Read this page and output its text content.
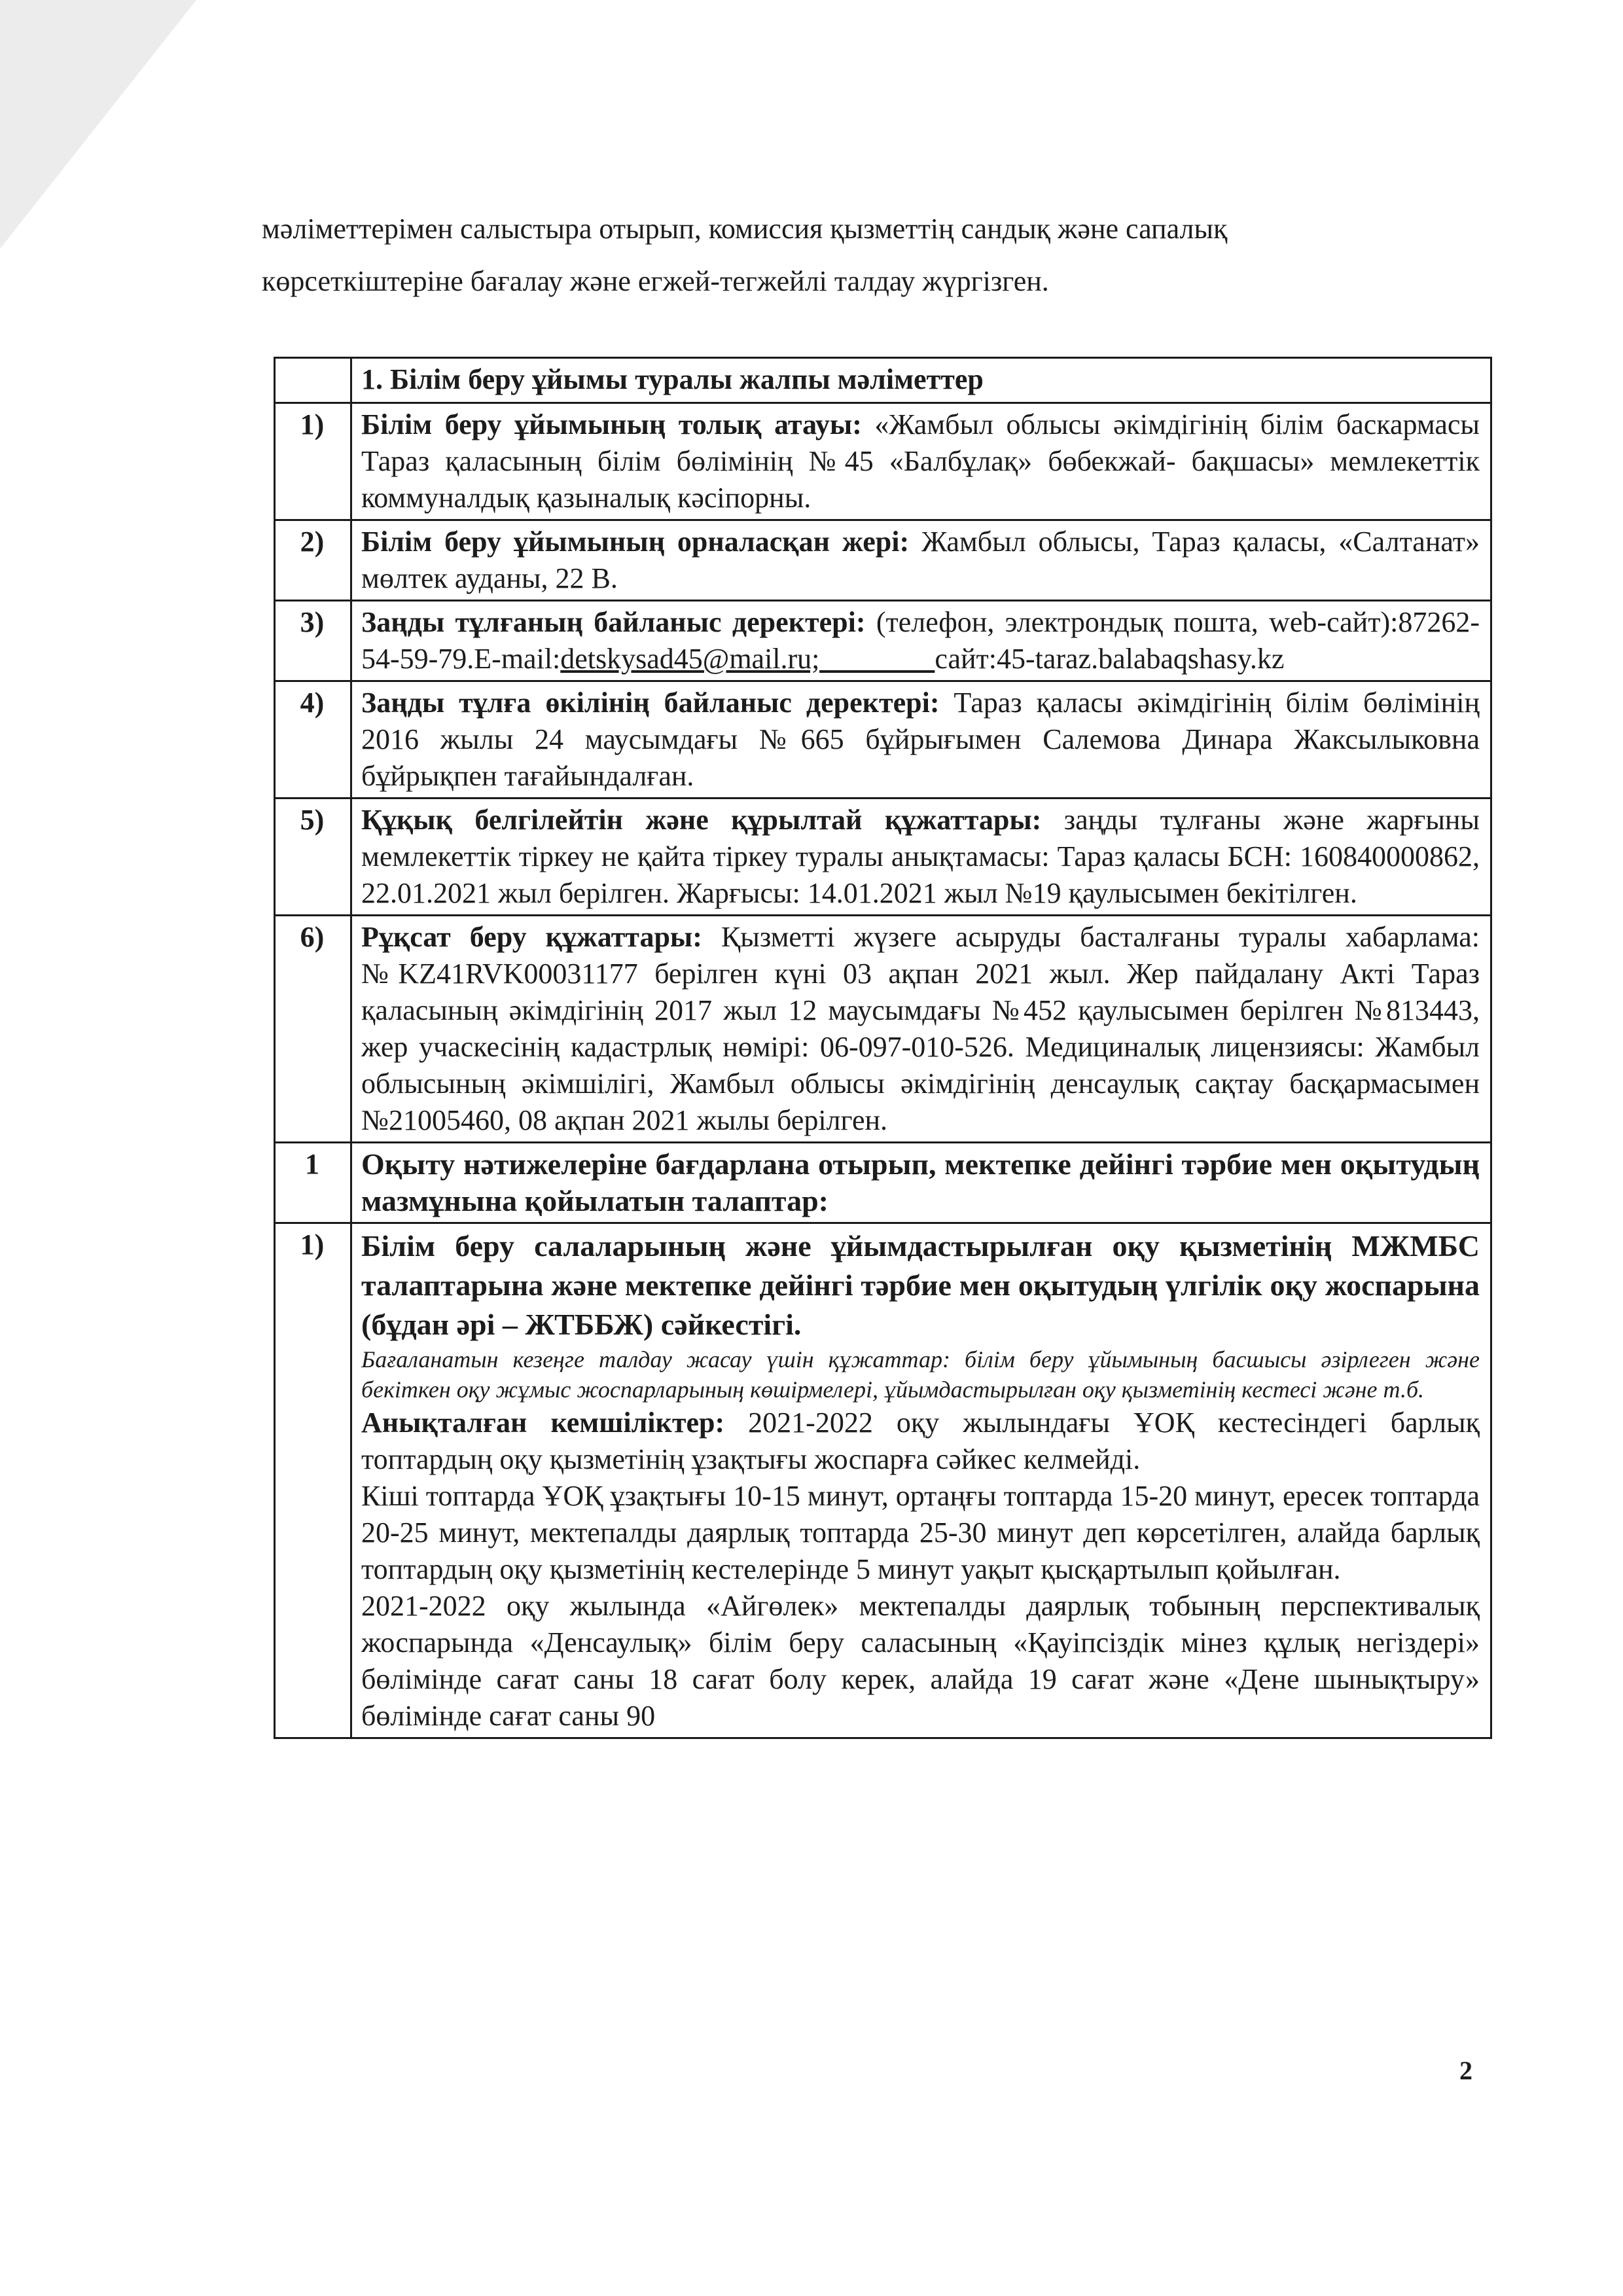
мәліметтерімен салыстыра отырып, комиссия қызметтің сандық және сапалық

көрсеткіштеріне бағалау және егжей-тегжейлі талдау жүргізген.

	1. Білім беру ұйымы туралы жалпы мәліметтер
1)	Білім беру ұйымының толық атауы: «Жамбыл облысы әкімдігінің білім баскармасы Тараз қаласының білім бөлімінің №45 «Балбұлақ» бөбекжай- бақшасы» мемлекеттік коммуналдық қазыналық кәсіпорны.
2)	Білім беру ұйымының орналасқан жері: Жамбыл облысы, Тараз қаласы, «Салтанат» мөлтек ауданы, 22 В.
3)	Заңды тұлғаның байланыс деректері: (телефон, электрондық пошта, web-сайт):87262-54-59-79.E-mail:detskysad45@mail.ru;     сайт:45-taraz.balabaqshasy.kz
4)	Заңды тұлға өкілінің байланыс деректері: Тараз қаласы әкімдігінің білім бөлімінің 2016 жылы 24 маусымдағы №665 бұйрығымен Салемова Динара Жаксылыковна бұйрықпен тағайындалған.
5)	Құқық белгілейтін және құрылтай құжаттары: заңды тұлғаны және жарғыны мемлекеттік тіркеу не қайта тіркеу туралы анықтамасы: Тараз қаласы БСН: 160840000862, 22.01.2021 жыл берілген. Жарғысы: 14.01.2021 жыл №19 қаулысымен бекітілген.
6)	Рұқсат беру құжаттары: Қызметті жүзеге асыруды басталғаны туралы хабарлама: №KZ41RVK00031177 берілген күні 03 ақпан 2021 жыл. Жер пайдалану Акті Тараз қаласының әкімдігінің 2017 жыл 12 маусымдағы №452 қаулысымен берілген №813443, жер учаскесінің кадастрлық нөмірі: 06-097-010-526. Медициналық лицензиясы: Жамбыл облысының әкімшілігі, Жамбыл облысы әкімдігінің денсаулық сақтау басқармасымен №21005460, 08 ақпан 2021 жылы берілген.
1	Оқыту нәтижелеріне бағдарлана отырып, мектепке дейінгі тәрбие мен оқытудың мазмұнына қойылатын талаптар:
1)	Білім беру салаларының және ұйымдастырылған оқу қызметінің МЖМБС талаптарына және мектепке дейінгі тәрбие мен оқытудың үлгілік оқу жоспарына (бұдан әрі – ЖТББЖ) сәйкестігі.
Бағаланатын кезеңге талдау жасау үшін құжаттар: білім беру ұйымының басшысы әзірлеген және бекіткен оқу жұмыс жоспарларының көшірмелері, ұйымдастырылған оқу қызметінің кестесі және т.б.

Анықталған кемшіліктер: 2021-2022 оқу жылындағы ҰОҚ кестесіндегі барлық топтардың оқу қызметінің ұзақтығы жоспарға сәйкес келмейді.

Кіші топтарда ҰОҚ ұзақтығы 10-15 минут, ортаңғы топтарда 15-20 минут, ересек топтарда 20-25 минут, мектепалды даярлық топтарда 25-30 минут деп көрсетілген, алайда барлық топтардың оқу қызметінің кестелерінде 5 минут уақыт қысқартылып қойылған.

2021-2022 оқу жылында «Айгөлек» мектепалды даярлық тобының перспективалық жоспарында «Денсаулық» білім беру саласының «Қауіпсіздік мінез құлық негіздері» бөлімінде сағат саны 18 сағат болу керек, алайда 19 сағат және «Дене шынықтыру» бөлімінде сағат саны 90

2
